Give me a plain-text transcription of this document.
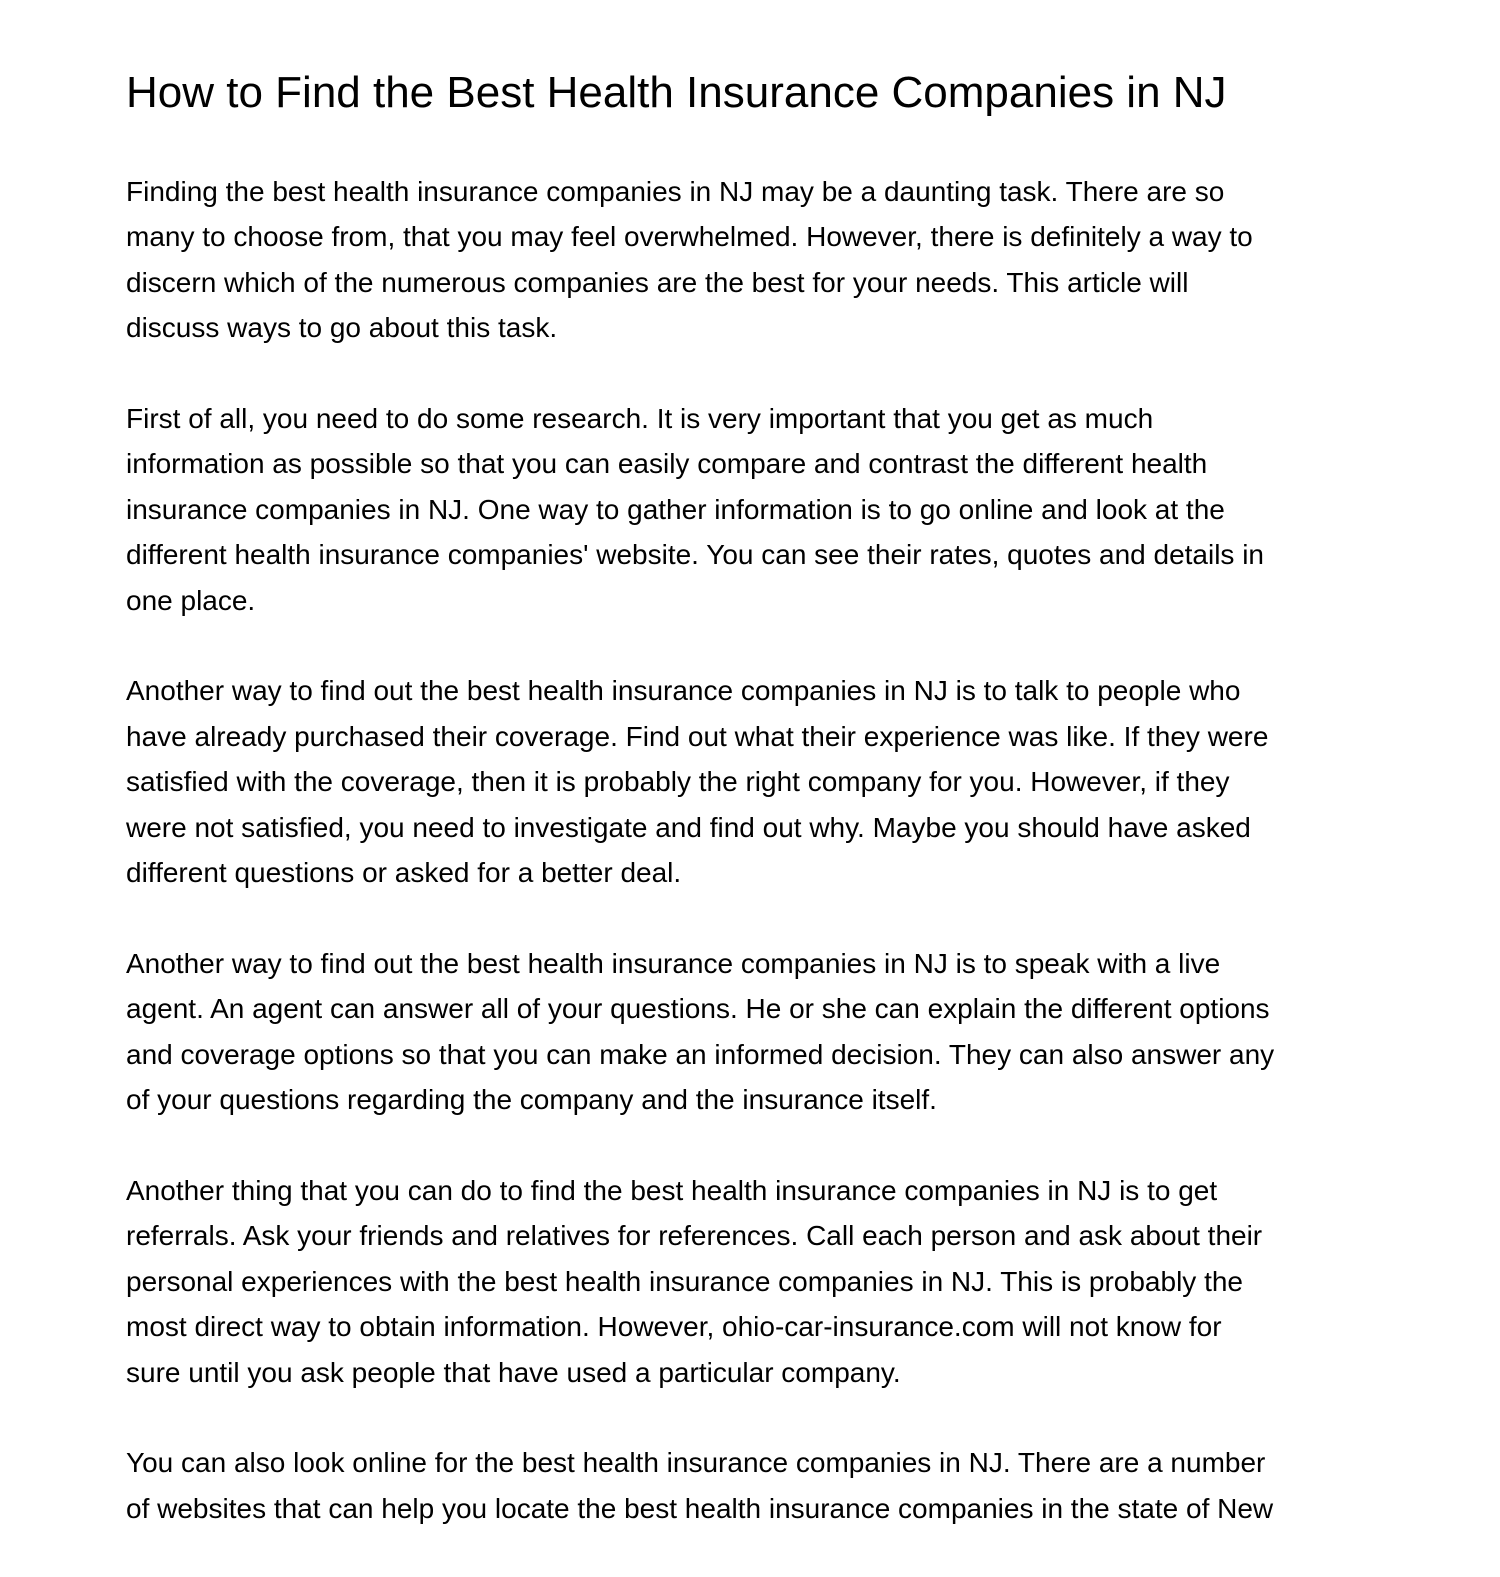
How to Find the Best Health Insurance Companies in NJ

Finding the best health insurance companies in NJ may be a daunting task. There are so
many to choose from, that you may feel overwhelmed. However, there is definitely a way to
discern which of the numerous companies are the best for your needs. This article will
discuss ways to go about this task.

First of all, you need to do some research. It is very important that you get as much
information as possible so that you can easily compare and contrast the different health
insurance companies in NJ. One way to gather information is to go online and look at the
different health insurance companies' website. You can see their rates, quotes and details in
one place.

Another way to find out the best health insurance companies in NJ is to talk to people who
have already purchased their coverage. Find out what their experience was like. If they were
satisfied with the coverage, then it is probably the right company for you. However, if they
were not satisfied, you need to investigate and find out why. Maybe you should have asked
different questions or asked for a better deal.

Another way to find out the best health insurance companies in NJ is to speak with a live
agent. An agent can answer all of your questions. He or she can explain the different options
and coverage options so that you can make an informed decision. They can also answer any
of your questions regarding the company and the insurance itself.

Another thing that you can do to find the best health insurance companies in NJ is to get
referrals. Ask your friends and relatives for references. Call each person and ask about their
personal experiences with the best health insurance companies in NJ. This is probably the
most direct way to obtain information. However, ohio-car-insurance.com will not know for
sure until you ask people that have used a particular company.

You can also look online for the best health insurance companies in NJ. There are a number
of websites that can help you locate the best health insurance companies in the state of New
